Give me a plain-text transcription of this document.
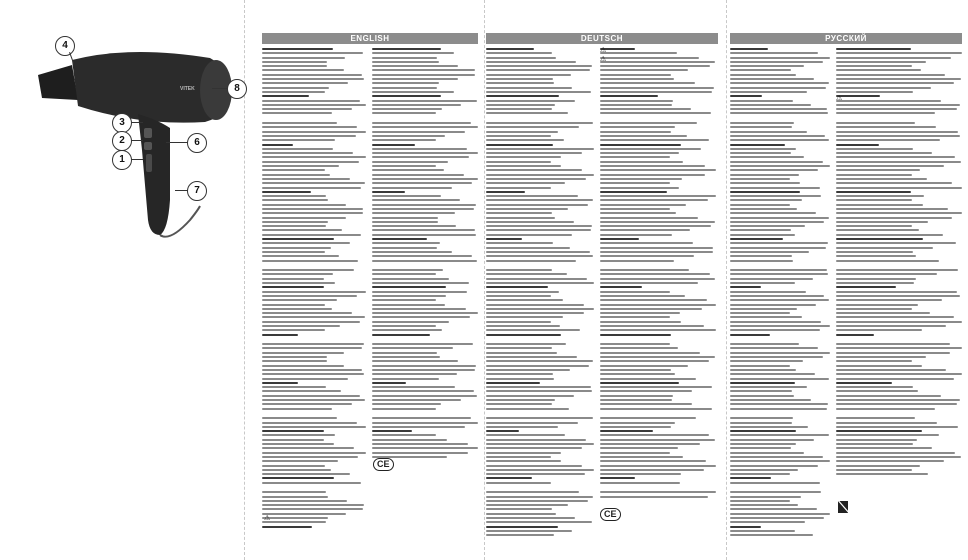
VITEK
4
8
3
2	6
1
7
ENGLISH	DEUTSCH	РУССКИЙ
CE
CE
⚠
⚠
⚠
⚠
